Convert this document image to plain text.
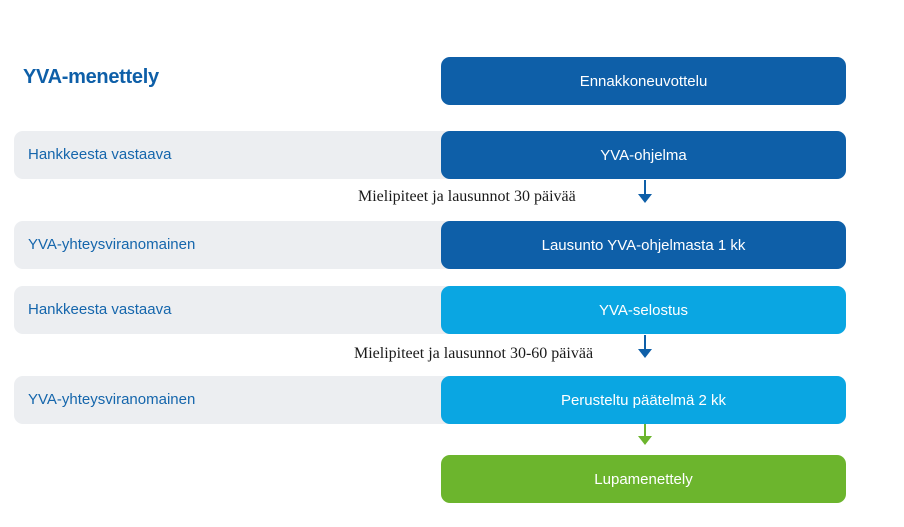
YVA-menettely	Ennakkoneuvottelu
Hankkeesta vastaava	YVA-ohjelma
Mielipiteet ja lausunnot 30 päivää
YVA-yhteysviranomainen	Lausunto YVA-ohjelmasta 1 kk
Hankkeesta vastaava	YVA-selostus
Mielipiteet ja lausunnot 30-60 päivää
YVA-yhteysviranomainen	Perusteltu päätelmä 2 kk
Lupamenettely
